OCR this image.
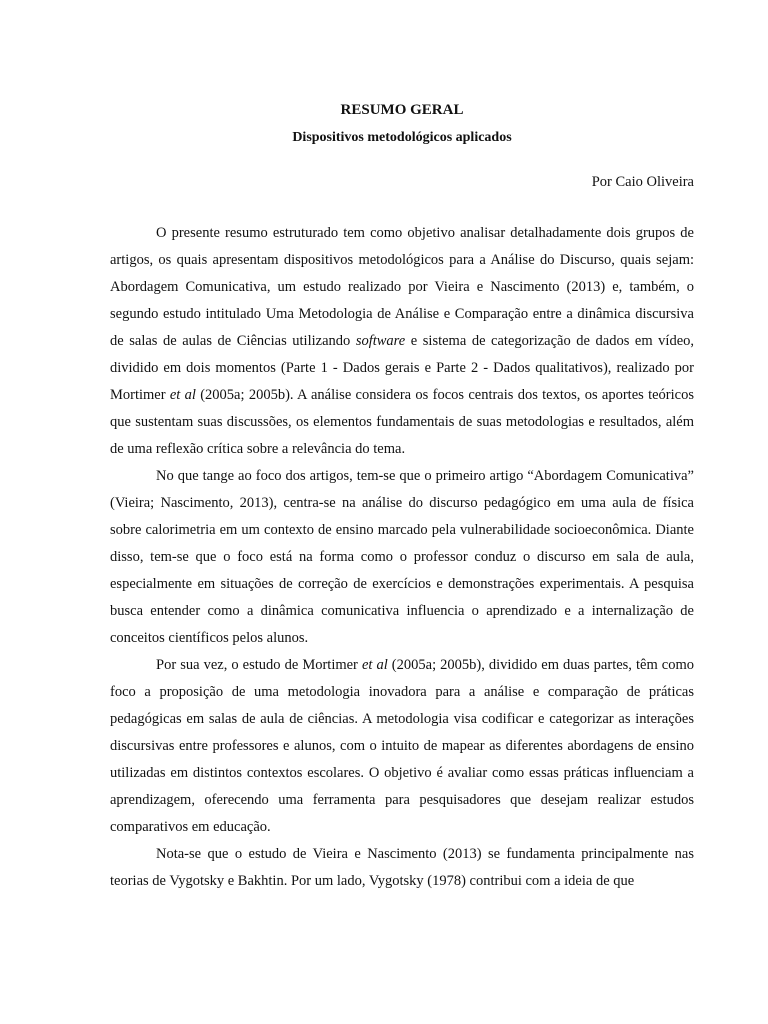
RESUMO GERAL
Dispositivos metodológicos aplicados

Por Caio Oliveira

O presente resumo estruturado tem como objetivo analisar detalhadamente dois grupos de artigos, os quais apresentam dispositivos metodológicos para a Análise do Discurso, quais sejam: Abordagem Comunicativa, um estudo realizado por Vieira e Nascimento (2013) e, também, o segundo estudo intitulado Uma Metodologia de Análise e Comparação entre a dinâmica discursiva de salas de aulas de Ciências utilizando software e sistema de categorização de dados em vídeo, dividido em dois momentos (Parte 1 - Dados gerais e Parte 2 - Dados qualitativos), realizado por Mortimer et al (2005a; 2005b). A análise considera os focos centrais dos textos, os aportes teóricos que sustentam suas discussões, os elementos fundamentais de suas metodologias e resultados, além de uma reflexão crítica sobre a relevância do tema.

No que tange ao foco dos artigos, tem-se que o primeiro artigo “Abordagem Comunicativa” (Vieira; Nascimento, 2013), centra-se na análise do discurso pedagógico em uma aula de física sobre calorimetria em um contexto de ensino marcado pela vulnerabilidade socioeconômica. Diante disso, tem-se que o foco está na forma como o professor conduz o discurso em sala de aula, especialmente em situações de correção de exercícios e demonstrações experimentais. A pesquisa busca entender como a dinâmica comunicativa influencia o aprendizado e a internalização de conceitos científicos pelos alunos.

Por sua vez, o estudo de Mortimer et al (2005a; 2005b), dividido em duas partes, têm como foco a proposição de uma metodologia inovadora para a análise e comparação de práticas pedagógicas em salas de aula de ciências. A metodologia visa codificar e categorizar as interações discursivas entre professores e alunos, com o intuito de mapear as diferentes abordagens de ensino utilizadas em distintos contextos escolares. O objetivo é avaliar como essas práticas influenciam a aprendizagem, oferecendo uma ferramenta para pesquisadores que desejam realizar estudos comparativos em educação.

Nota-se que o estudo de Vieira e Nascimento (2013) se fundamenta principalmente nas teorias de Vygotsky e Bakhtin. Por um lado, Vygotsky (1978) contribui com a ideia de que
